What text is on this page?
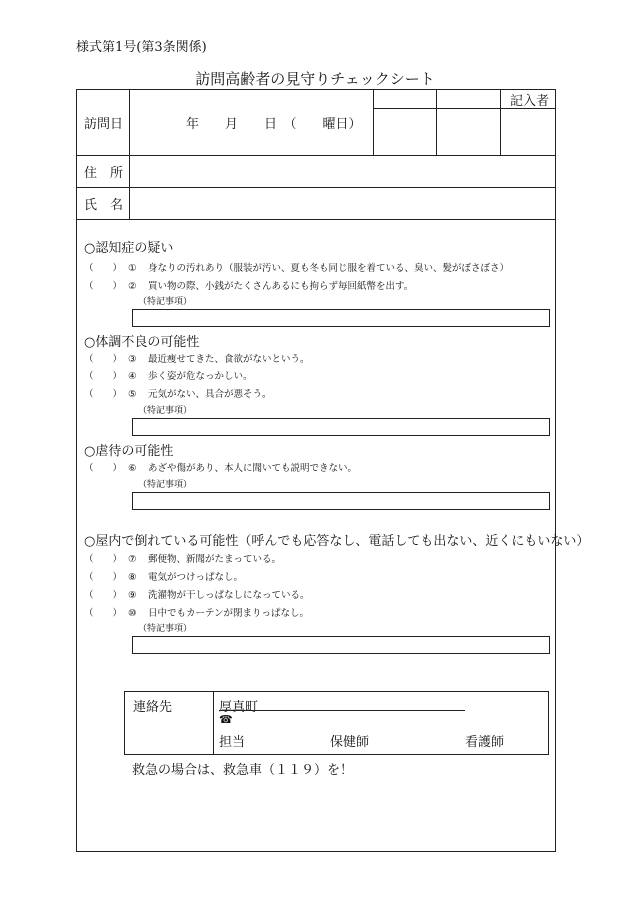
様式第1号(第3条関係)
訪問高齢者の見守りチェックシート
訪問日	年　　月　　日　（　　曜日）
記入者
住　所
氏　名
○認知症の疑い
（　　） ① 身なりの汚れあり（服装が汚い、夏も冬も同じ服を着ている、臭い、髪がぼさぼさ）
（　　） ② 買い物の際、小銭がたくさんあるにも拘らず毎回紙幣を出す。
（特記事項）
○体調不良の可能性
（　　） ③ 最近痩せてきた、食欲がないという。
（　　） ④ 歩く姿が危なっかしい。
（　　） ⑤ 元気がない、具合が悪そう。
（特記事項）
○虐待の可能性
（　　） ⑥ あざや傷があり、本人に聞いても説明できない。
（特記事項）
○屋内で倒れている可能性（呼んでも応答なし、電話しても出ない、近くにもいない）
（　　） ⑦ 郵便物、新聞がたまっている。
（　　） ⑧ 電気がつけっぱなし。
（　　） ⑨ 洗濯物が干しっぱなしになっている。
（　　） ⑩ 日中でもカーテンが閉まりっぱなし。
（特記事項）
連絡先	厚真町
☎
担当	保健師	看護師
救急の場合は、救急車（１１９）を！
